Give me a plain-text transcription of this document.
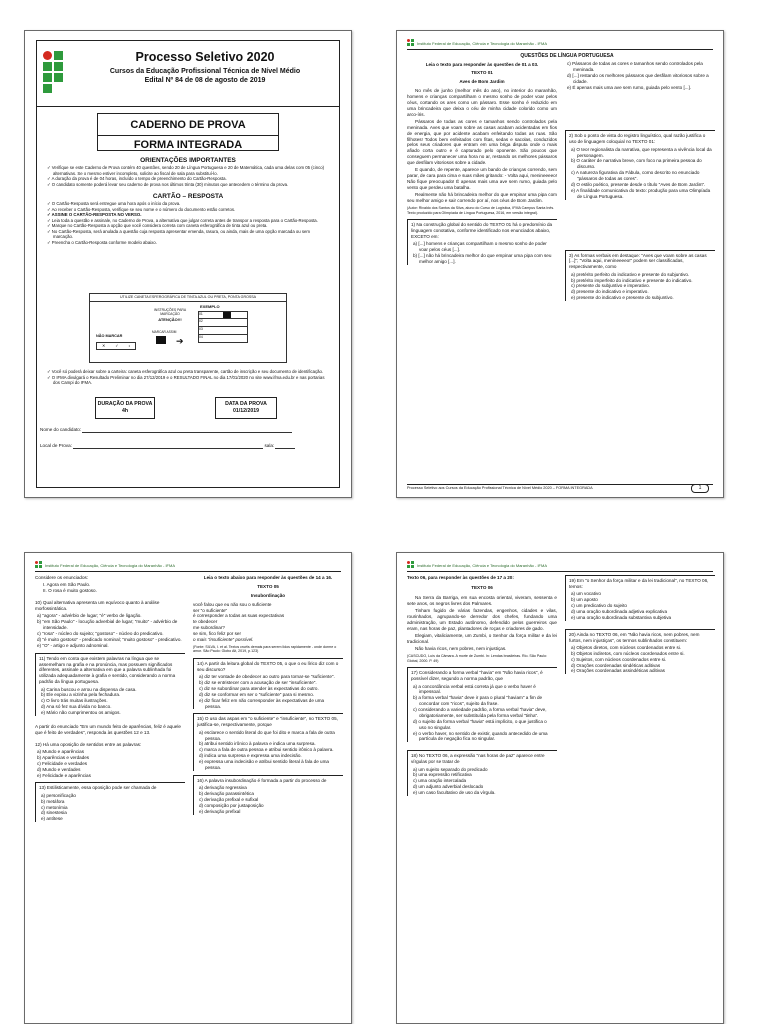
Processo Seletivo 2020
Cursos da Educação Profissional Técnica de Nível Médio
Edital Nº 84 de 08 de agosto de 2019
CADERNO DE PROVA
FORMA INTEGRADA
ORIENTAÇÕES IMPORTANTES
✓ Verifique se este Caderno de Prova contém 40 questões, sendo 20 de Língua Portuguesa e 20 de Matemática, cada uma delas com 05 (cinco) alternativas. Se o mesmo estiver incompleto, solicite ao fiscal de sala para substituí-lo.
✓ A duração da prova é de 04 horas, incluído o tempo de preenchimento do Cartão-Resposta.
✓ O candidato somente poderá levar seu caderno de prova nos últimos trinta (30) minutos que antecedem o término da prova.
CARTÃO – RESPOSTA
✓ O Cartão-Resposta será entregue uma hora após o início da prova.
✓ Ao receber o Cartão-Resposta, verifique se seu nome e o número do documento estão corretos.
✓ ASSINE O CARTÃO-RESPOSTA NO VERSO.
✓ Leia toda a questão e assinale, no Caderno de Prova, a alternativa que julgar correta antes de transpor a resposta para o Cartão-Resposta.
✓ Marque no Cartão-Resposta a opção que você considera correta com caneta esferográfica de tinta azul ou preta.
✓ No Cartão-Resposta, será anulada a questão cuja resposta apresentar emenda, rasura, ou ainda, mais de uma opção marcada ou sem marcação.
✓ Preencha o Cartão-Resposta conforme modelo abaixo.
UTILIZE CANETA ESFEROGRÁFICA DE TINTA AZUL OU PRETA, PONTA GROSSA
EXEMPLO
INSTRUÇÕES PARA MARCAÇÃO
ATENÇÃO!!!
NÃO MARCAR
✕ ✓ •
MARCAR ASSIM
➔
01
02
03
04
✓ Você só poderá deixar sobre a carteira: caneta esferográfica azul ou preta transparente, cartão de inscrição e seu documento de identificação.
✓ O IFMA divulgará o Resultado Preliminar no dia 27/12/2019 e o RESULTADO FINAL no dia 17/01/2020 no site www.ifma.edu.br e nas portarias dos Campi do IFMA.
DURAÇÃO DA PROVA
4h
DATA DA PROVA
01/12/2019
Nome do candidato:
Local de Prova:	sala:
Instituto Federal de Educação, Ciência e Tecnologia do Maranhão - IFMA
QUESTÕES DE LÍNGUA PORTUGUESA
Leia o texto para responder às questões de 01 a 03.
TEXTO 01
Aves de Bom Jardim

No mês de junho (melhor mês do ano), no interior do maranhão, homens e crianças compartilham o mesmo sonho de poder voar pelos céus, cortando os ares como um pássaro. Esse sonho é reduzido em uma brincadeira que deixa o céu de minha cidade colorido como um arco-íris.

Pássaros de todas as cores e tamanhos sendo controlados pela meninada. Aves que voam sobre as casas acabam acidentadas em fios de energia, que por acidente acabam enfeitando todas as ruas. São filhotes! Todos bem enfeitados com fitas, sedas e sacolas, conduzidos pelos seus criadores que entram em uma briga disputa onde o mais afiado corta outro e é capturado pelo oponente. São poucos que conseguem permanecer uma hora no ar, restando os melhores pássaros que desfilam vitoriosos sobre a cidade.

E quando, de repente, aparece um bando de crianças correndo, sem parar, de cara para cima e suas mães gritando: - Volta aqui, menineeeeo! Não fique preocupado! É apenas mais uma ave sem rumo, guiada pelo vento que perdeu uma batalha.

Realmente não há brincadeira melhor do que empinar uma pipa com seu melhor amigo e sair correndo por aí, nos céus de Bom Jardim.

(Autor: Rivaldo dos Santos da Silva, aluno do Curso de Logística, IFMA Campus Santa Inês. Texto produzido para Olimpíada de Língua Portuguesa, 2016, em versão integral).

1) Na construção global do sentido do TEXTO 01 há o predomínio da linguagem conotativa, conforme identificado nos enunciados abaixo, EXCETO em:

a) [...] homens e crianças compartilham o mesmo sonho de poder voar pelos céus [...].
b) [...] não há brincadeira melhor do que empinar uma pipa com seu melhor amigo [...].
c) Pássaros de todas as cores e tamanhos sendo controlados pela meninada.
d) [...] restando os melhores pássaros que desfilam vitoriosos sobre a cidade.
e) É apenas mais uma ave sem rumo, guiada pelo vento [...].

2) Sob o ponto de vista do registro linguístico, qual razão justifica o uso de linguagem coloquial no TEXTO 01:

a) O teor regionalista da narrativa, que representa a vivência local da personagem.
b) O caráter de narrativa breve, com foco na primeira pessoa do discurso.
c) A natureza figurativa da Fábula, como descrito no enunciado "pássaros de todas as cores".
d) O estilo poético, presente desde o título "Aves de Bom Jardim".
e) A finalidade comunicativa do texto: produção para uma Olimpíada de Língua Portuguesa.

3) As formas verbais em destaque: "Aves que voam sobre as casas [...]"; "Volta aqui, menineeeeo!" podem ser classificadas, respectivamente, como

a) pretérito perfeito do indicativo e presente do subjuntivo.
b) pretérito imperfeito do indicativo e presente do indicativo.
c) presente do subjuntivo e imperativo.
d) presente do indicativo e imperativo.
e) presente do indicativo e presente do subjuntivo.
Processo Seletivo aos Cursos da Educação Profissional Técnica de Nível Médio 2020 – FORMA INTEGRADA	1
Instituto Federal de Educação, Ciência e Tecnologia do Maranhão - IFMA

Considere os enunciados:

I. Agora em São Paulo.
II. O rosa é muito gostoso.

10) Qual alternativa apresenta um equívoco quanto à análise morfossintática.

a) "agora" - advérbio de lugar; "é" verbo de ligação.
b) "em São Paulo" - locução adverbial de lugar; "muito" - advérbio de intensidade.
c) "rosa" - núcleo do sujeito; "gostoso" - núcleo do predicativo.
d) "é muito gostoso" - predicado nominal; "muito gostoso" - predicativo.
e) "O" - artigo e adjunto adnominal.

11) Tendo em conta que existem palavras na língua que se assemelham na grafia e na pronúncia, mas possuem significados diferentes, assinale a alternativa em que a palavra sublinhada foi utilizada adequadamente à grafia e sentido, considerando a norma padrão da língua portuguesa.

a) Carina buscou e arrou na dispensa de casa.
b) Ele expiou a vizinha pela fechadura.
c) O livro trás muitas ilustrações.
d) Ana só fez sua dívida no banco.
e) Mário não cumprimentou os amigos.

A partir do enunciado "Em um mundo feito de aparências, feliz é aquele que é feito de verdades", responda às questões 12 e 13.

12) Há uma oposição de sentidos entre as palavras:

a) Mundo e aparências
b) Aparências e verdades
c) Felicidade e verdades
d) Mundo e verdades
e) Felicidade e aparências

13) Estilisticamente, essa oposição pode ser chamada de

a) personificação
b) metáfora
c) metonímia
d) sinestesia
e) antítese
Leia o texto abaixo para responder às questões de 14 a 16.
TEXTO 05
Insubordinação
você falou que eu não sou o suficiente
ser "o suficiente"
é corresponder a todas as suas expectativas
te obedecer
me subordinar?
se sim, fico feliz por ser
o mais "insuficiente" possível.
(Fonte: SILVA, I. et al. Textos cruéis demais para serem lidos rapidamente - onde dorme o amor. São Paulo: Globo Alt, 2019, p.123)

14) A partir da leitura global do TEXTO 05, o que o eu lírico diz com o seu discurso?

a) diz ter vontade de obedecer ao outro para tornar-se "suficiente".
b) diz se entristecer com a acusação de ser "insuficiente".
c) diz se subordinar para atender às expectativas do outro.
d) diz se conformar em ser o "suficiente" para si mesmo.
e) diz ficar feliz em não corresponder às expectativas de uma pessoa.

15) O uso das aspas em "o suficiente" e "insuficiente", no TEXTO 05, justifica-se, respectivamente, porque

a) esclarece o sentido literal do que foi dito e marca a fala de outra pessoa.
b) atribui sentido irônico à palavra e indica uma surpresa.
c) marca a fala de outra pessoa e atribui sentido irônico à palavra.
d) indica uma surpresa e expressa uma indecisão.
e) expressa uma indecisão e atribui sentido literal à fala de uma pessoa.

16) A palavra insubordinação é formada a partir do processo de

a) derivação regressiva
b) derivação parassintética
c) derivação prefixal e sufixal
d) composição por justaposição
e) derivação prefixal
Instituto Federal de Educação, Ciência e Tecnologia do Maranhão - IFMA

Texto 06, para responder às questões de 17 a 20:

TEXTO 06

Na Serra da Barriga, em sua encosta oriental, viveram, sessenta e sete anos, os negros livres dos Palmares.

Tinham fugido de várias fazendas, engenhos, cidades e vilas, rourinhados, agrupando-se derredor dos chefes, fundando uma administração, um Estado autônomo, defendido pelos guerreiros que eram, nas horas de paz, plantadores de roças e criadores de gado.

Elegiam, vitaliciamente, um Zumbi, o Senhor da força militar e da lei tradicional.

Não havia ricos, nem pobres, nem injustiças.

(CASCUDO, Luís da Câmara. A morte de Zumbi. In: Lendas brasileiras. Rio. São Paulo: Global, 2000. P. 49)

17) Considerando a forma verbal "havia" em "Não havia ricos", é possível dizer, segundo a norma padrão, que

a) a concordância verbal está correta já que o verbo haver é impessoal.
b) a forma verbal "havia" deve ir para o plural "haviam" a fim de concordar com "ricos", sujeito da frase.
c) considerando a variedade padrão, a forma verbal "havia" deve, obrigatoriamente, ser substituída pela forma verbal "tinha".
d) o sujeito da forma verbal "havia" está implícito, o que justifica o uso no singular.
e) o verbo haver, no sentido de existir, quando antecedido de uma partícula de negação fica no singular.

18) No TEXTO 06, a expressão "nas horas de paz" aparece entre vírgulas por se tratar de

a) um sujeito separado do predicado
b) uma expressão retificativa
c) uma oração intercalada
d) um adjunto adverbial deslocado
e) um caso facultativo de uso da vírgula.

19) Em "o Senhor da força militar e da lei tradicional", no TEXTO 06, temos:

a) um vocativo
b) um aposto
c) um predicativo do sujeito
d) uma oração subordinada adjetiva explicativa
e) uma oração subordinada substantiva subjetiva

20) Ainda no TEXTO 06, em "Não havia ricos, nem pobres, nem furtos, nem injustiças", os termos sublinhados constituem:

a) Objetos diretos, com núcleos coordenados entre si.
b) Objetos indiretos, com núcleos coordenados entre si.
c) Sujeitos, com núcleos coordenados entre si.
d) Orações coordenadas sindéticas aditivas
e) Orações coordenadas assindéticas aditivas
